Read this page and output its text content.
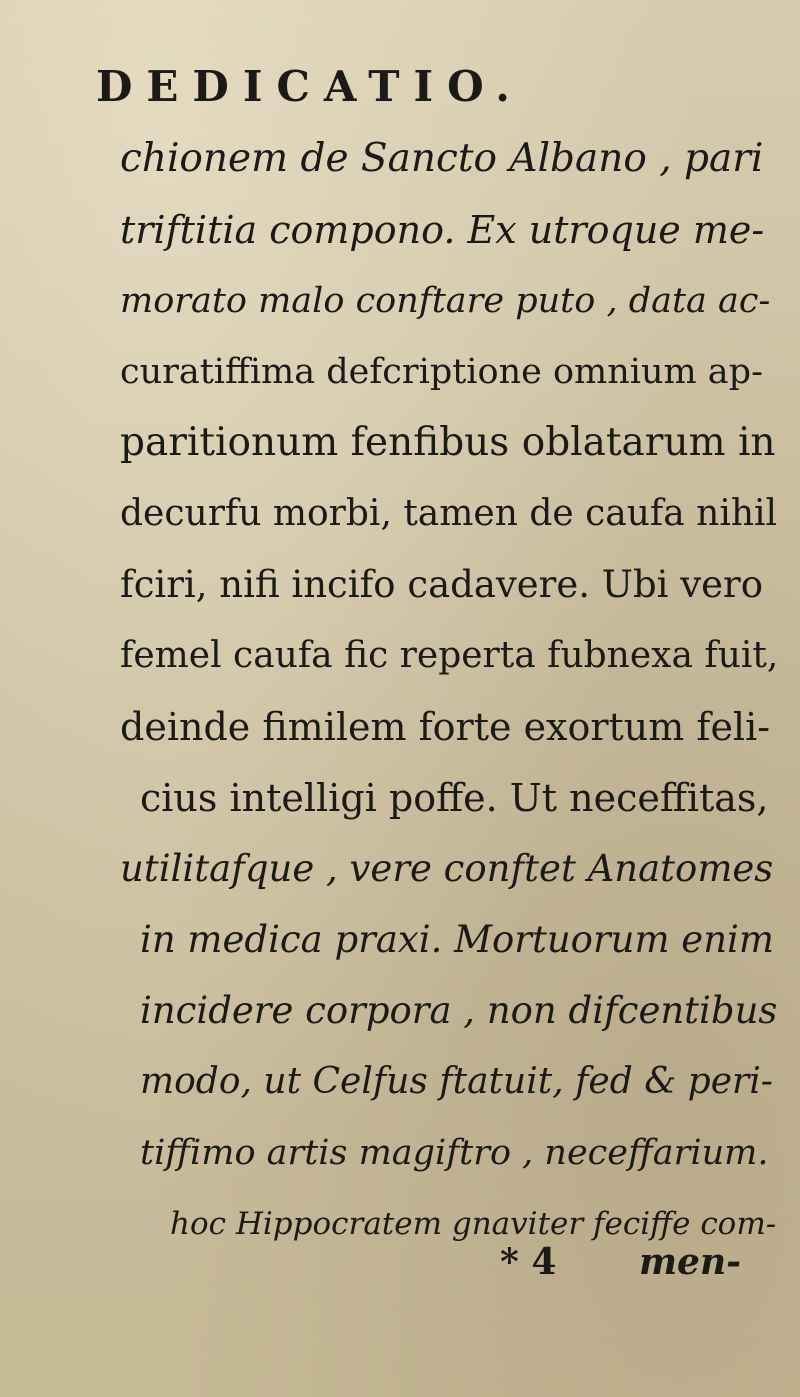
DEDICATIO.
chionem de Sancto Albano , pari
triftitia compono. Ex utroque me-
morato malo conftare puto , data ac-
curatiffima defcriptione omnium ap-
paritionum fenfibus oblatarum in
decurfu morbi, tamen de caufa nihil
fciri, nifi incifo cadavere. Ubi vero
femel caufa fic reperta fubnexa fuit,
deinde fimilem forte exortum feli-
cius intelligi poffe. Ut neceffitas,
utilitafque , vere conftet Anatomes
in medica praxi. Mortuorum enim
incidere corpora , non difcentibus
modo, ut Celfus ftatuit, fed & peri-
tiffimo artis magiftro , neceffarium.
hoc Hippocratem gnaviter feciffe com-
* 4 men-
